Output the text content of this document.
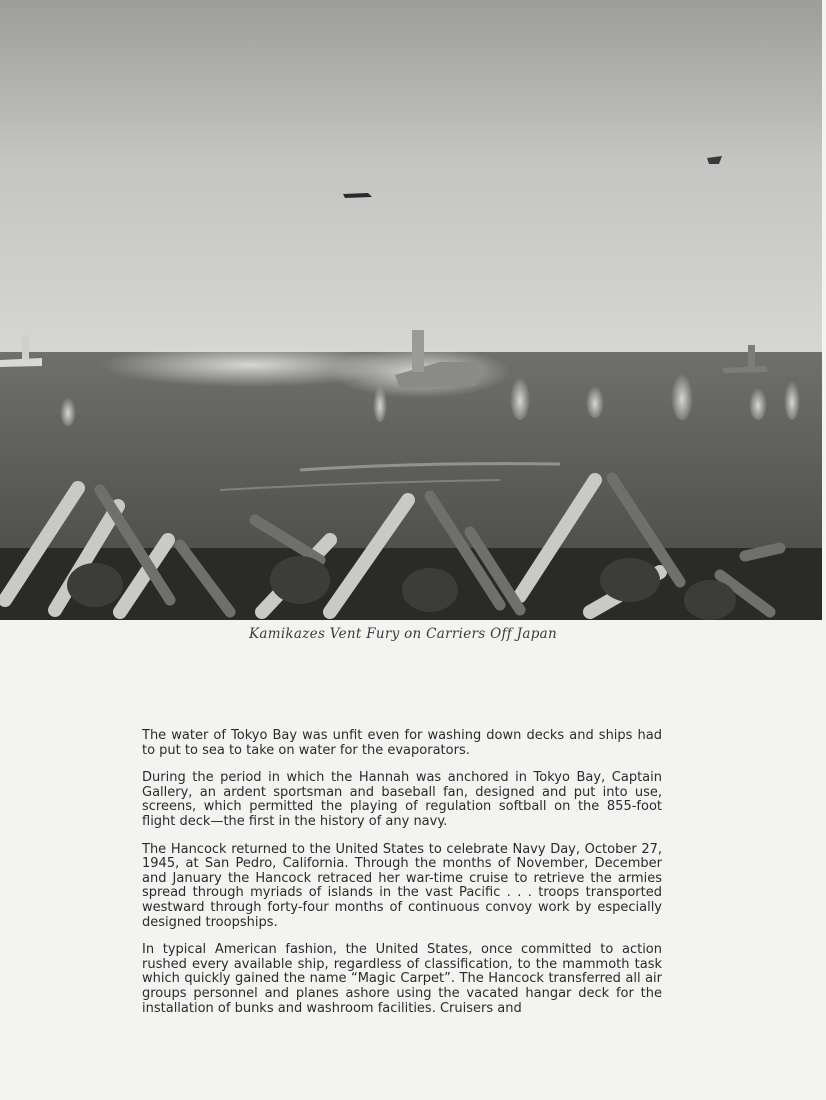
Kamikazes Vent Fury on Carriers Off Japan

The water of Tokyo Bay was unfit even for washing down decks and ships had to put to sea to take on water for the evaporators.

During the period in which the Hannah was anchored in Tokyo Bay, Captain Gallery, an ardent sportsman and baseball fan, designed and put into use, screens, which permitted the playing of regulation softball on the 855-foot flight deck—the first in the history of any navy.

The Hancock returned to the United States to celebrate Navy Day, October 27, 1945, at San Pedro, California. Through the months of November, December and January the Hancock retraced her war-time cruise to retrieve the armies spread through myriads of islands in the vast Pacific . . . troops transported westward through forty-four months of continuous convoy work by especially designed troopships.

In typical American fashion, the United States, once committed to action rushed every available ship, regardless of classification, to the mammoth task which quickly gained the name “Magic Carpet”. The Hancock transferred all air groups personnel and planes ashore using the vacated hangar deck for the installation of bunks and washroom facilities. Cruisers and
